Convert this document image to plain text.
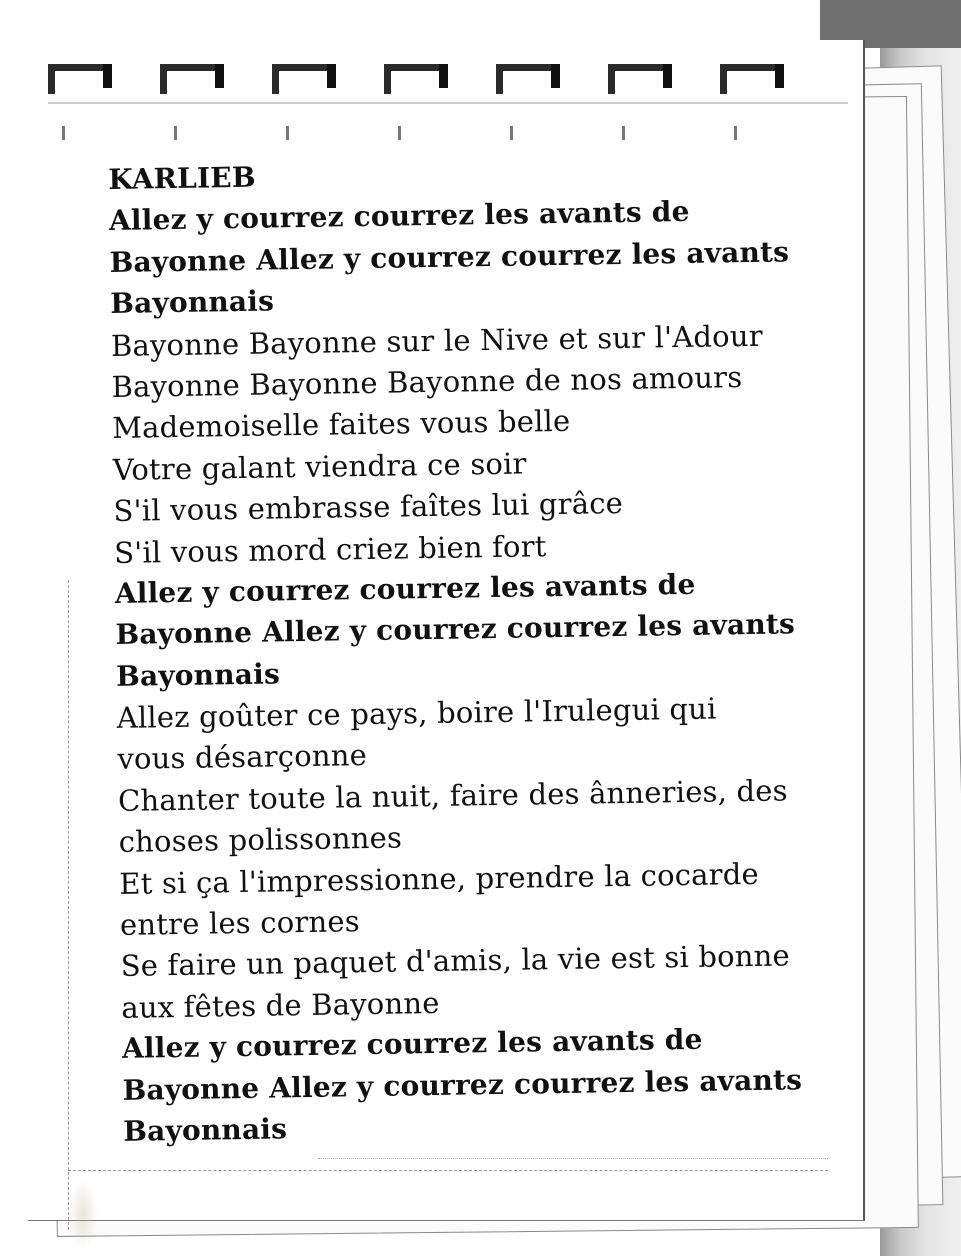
KARLIEB
Allez y courrez courrez les avants de
Bayonne Allez y courrez courrez les avants
Bayonnais
Bayonne Bayonne sur le Nive et sur l'Adour
Bayonne Bayonne Bayonne de nos amours
Mademoiselle faites vous belle
Votre galant viendra ce soir
S'il vous embrasse faîtes lui grâce
S'il vous mord criez bien fort
Allez y courrez courrez les avants de
Bayonne Allez y courrez courrez les avants
Bayonnais
Allez goûter ce pays, boire l'Irulegui qui
vous désarçonne
Chanter toute la nuit, faire des ânneries, des
choses polissonnes
Et si ça l'impressionne, prendre la cocarde
entre les cornes
Se faire un paquet d'amis, la vie est si bonne
aux fêtes de Bayonne
Allez y courrez courrez les avants de
Bayonne Allez y courrez courrez les avants
Bayonnais
